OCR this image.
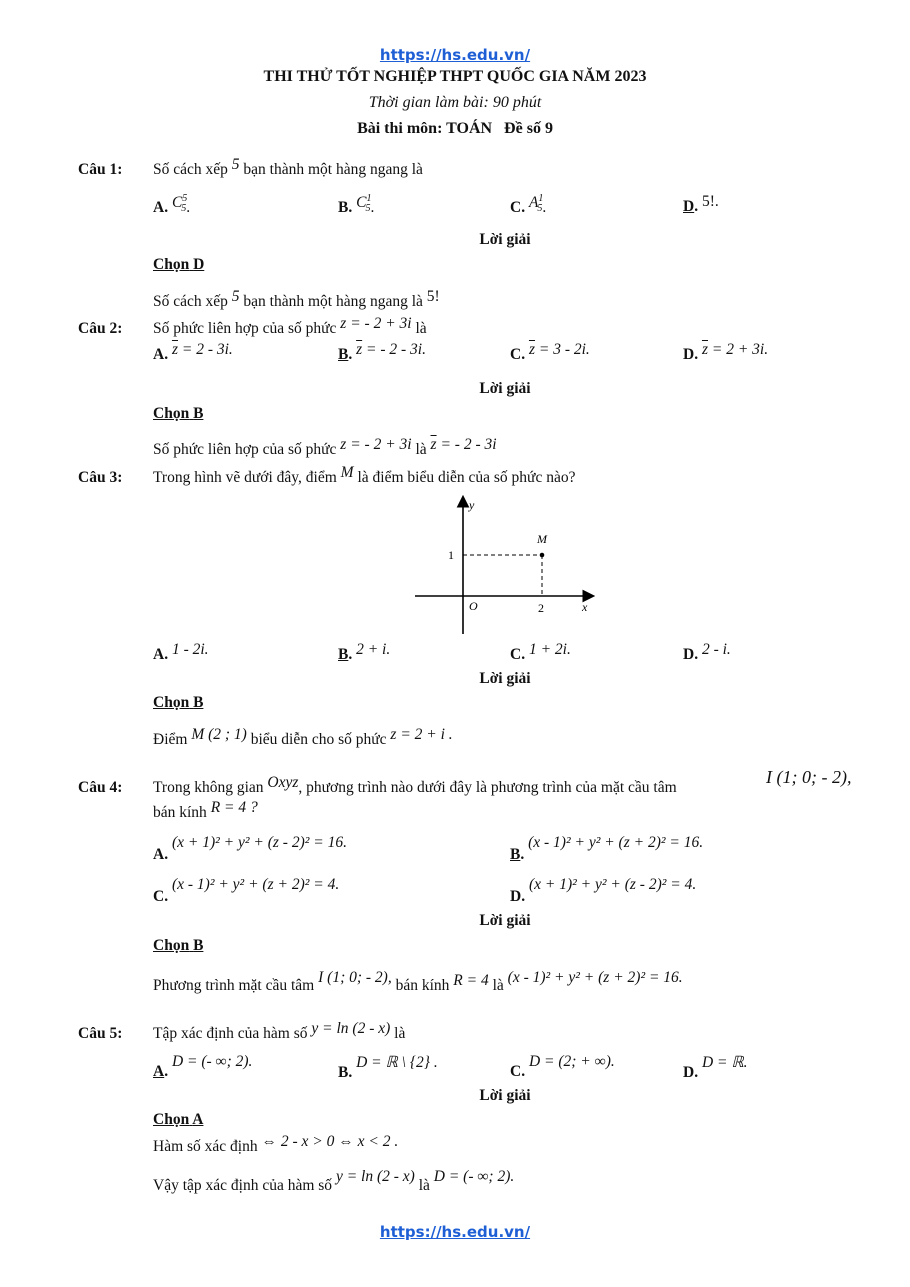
https://hs.edu.vn/
THI THỬ TỐT NGHIỆP THPT QUỐC GIA NĂM 2023
Thời gian làm bài: 90 phút
Bài thi môn: TOÁN   Đề số 9
Câu 1: Số cách xếp 5 bạn thành một hàng ngang là
A. $C^5_5$.	B. $C^1_5$.	C. $A^1_5$.	D. 5!.
Lời giải
Chọn D
Số cách xếp 5 bạn thành một hàng ngang là 5!
Câu 2: Số phức liên hợp của số phức z = - 2 + 3i là
A. $\overline{z} = 2 - 3i$.	B. $\overline{z}$ = - 2 - 3i.	C. $\overline{z} = 3 - 2i$.	D. $\overline{z} = 2 + 3i$.
Lời giải
Chọn B
Số phức liên hợp của số phức z = - 2 + 3i là $\overline{z}$ = - 2 - 3i
Câu 3: Trong hình vẽ dưới đây, điểm M là điểm biểu diễn của số phức nào?
y
x
O
1
2
M
A. 1 - 2i.	B. 2 + i.	C. 1 + 2i.	D. 2 - i.
Lời giải
Chọn B
Điểm M (2 ; 1) biểu diễn cho số phức z = 2 + i .
Câu 4: Trong không gian Oxyz, phương trình nào dưới đây là phương trình của mặt cầu tâm
I (1; 0; - 2),
bán kính R = 4 ?
A. (x + 1)² + y² + (z - 2)² = 16.
B. (x - 1)² + y² + (z + 2)² = 16.
C. (x - 1)² + y² + (z + 2)² = 4.
D. (x + 1)² + y² + (z - 2)² = 4.
Lời giải
Chọn B
Phương trình mặt cầu tâm I (1; 0; - 2), bán kính R = 4 là (x - 1)² + y² + (z + 2)² = 16.
Câu 5: Tập xác định của hàm số y = ln (2 - x) là
A. D = (- ∞; 2).
B. D = ℝ \ {2} .
C. D = (2; + ∞).
D. D = ℝ.
Lời giải
Chọn A
Hàm số xác định ⇔ 2 - x > 0 ⇔ x < 2 .
Vậy tập xác định của hàm số y = ln (2 - x) là D = (- ∞; 2).
https://hs.edu.vn/
